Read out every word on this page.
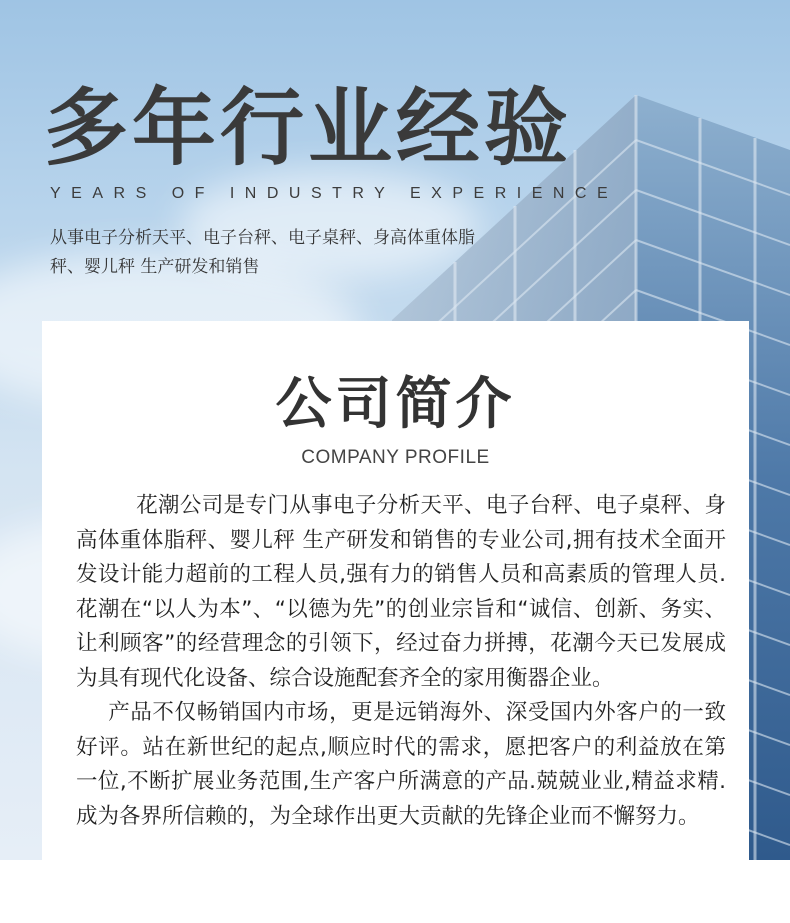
多年行业经验
YEARS OF INDUSTRY EXPERIENCE
从事电子分析天平、电子台秤、电子桌秤、身高体重体脂秤、婴儿秤 生产研发和销售
公司简介
COMPANY PROFILE

花潮公司是专门从事电子分析天平、电子台秤、电子桌秤、身高体重体脂秤、婴儿秤 生产研发和销售的专业公司,拥有技术全面开发设计能力超前的工程人员,强有力的销售人员和高素质的管理人员.花潮在“以人为本”、“以德为先”的创业宗旨和“诚信、创新、务实、让利顾客”的经营理念的引领下，经过奋力拼搏，花潮今天已发展成为具有现代化设备、综合设施配套齐全的家用衡器企业。

产品不仅畅销国内市场，更是远销海外、深受国内外客户的一致好评。站在新世纪的起点,顺应时代的需求，愿把客户的利益放在第一位,不断扩展业务范围,生产客户所满意的产品.兢兢业业,精益求精. 成为各界所信赖的，为全球作出更大贡献的先锋企业而不懈努力。
